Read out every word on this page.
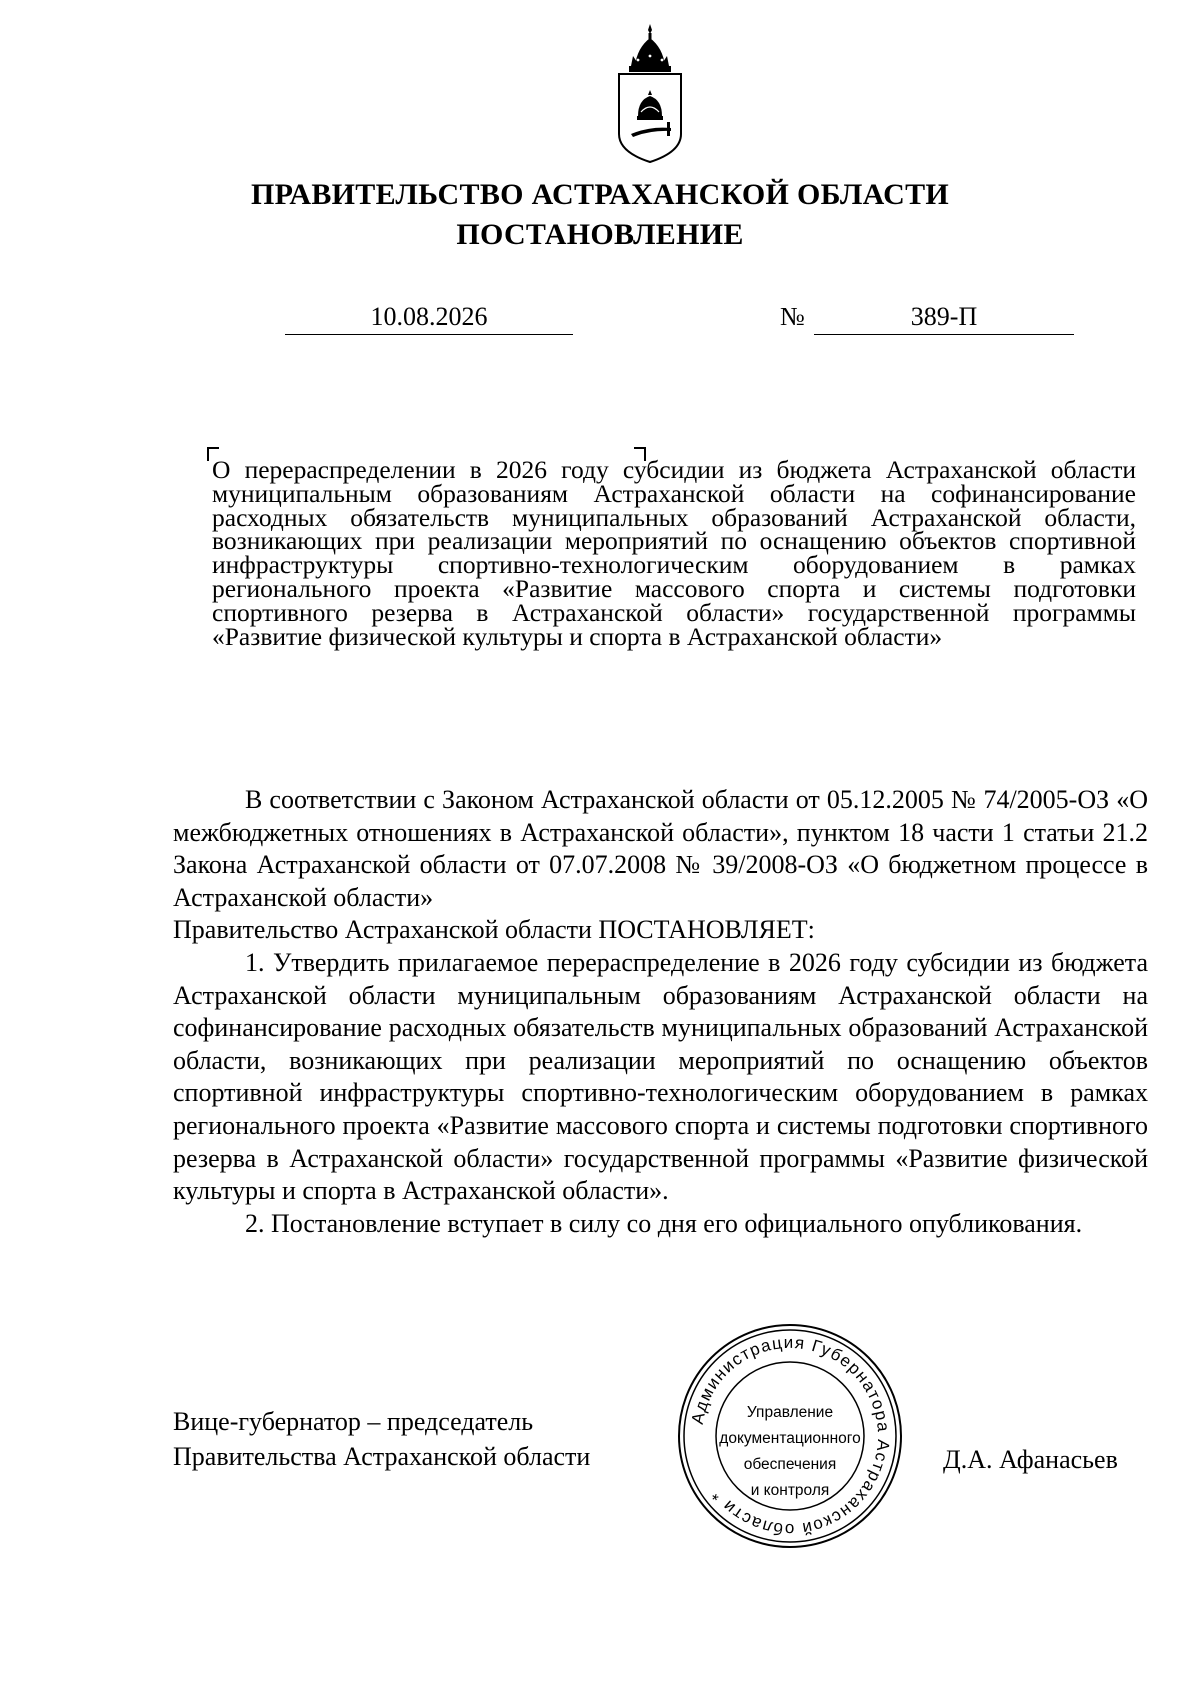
ПРАВИТЕЛЬСТВО АСТРАХАНСКОЙ ОБЛАСТИ
ПОСТАНОВЛЕНИЕ
10.08.2026	№	389-П
О перераспределении в 2026 году субсидии из бюджета Астраханской области муниципальным образованиям Астраханской области на софинансирование расходных обязательств муниципальных образований Астраханской области, возникающих при реализации мероприятий по оснащению объектов спортивной инфраструктуры спортивно-технологическим оборудованием в рамках регионального проекта «Развитие массового спорта и системы подготовки спортивного резерва в Астраханской области» государственной программы «Развитие физической культуры и спорта в Астраханской области»

В соответствии с Законом Астраханской области от 05.12.2005 № 74/2005-ОЗ «О межбюджетных отношениях в Астраханской области», пунктом 18 части 1 статьи 21.2 Закона Астраханской области от 07.07.2008 № 39/2008-ОЗ «О бюджетном процессе в Астраханской области»

Правительство Астраханской области ПОСТАНОВЛЯЕТ:

1. Утвердить прилагаемое перераспределение в 2026 году субсидии из бюджета Астраханской области муниципальным образованиям Астраханской области на софинансирование расходных обязательств муниципальных образований Астраханской области, возникающих при реализации мероприятий по оснащению объектов спортивной инфраструктуры спортивно-технологическим оборудованием в рамках регионального проекта «Развитие массового спорта и системы подготовки спортивного резерва в Астраханской области» государственной программы «Развитие физической культуры и спорта в Астраханской области».

2. Постановление вступает в силу со дня его официального опубликования.

Вице-губернатор – председатель
Правительства Астраханской области	Д.А. Афанасьев
Администрация Губернатора Астраханской области *
Управление
документационного
обеспечения
и контроля
